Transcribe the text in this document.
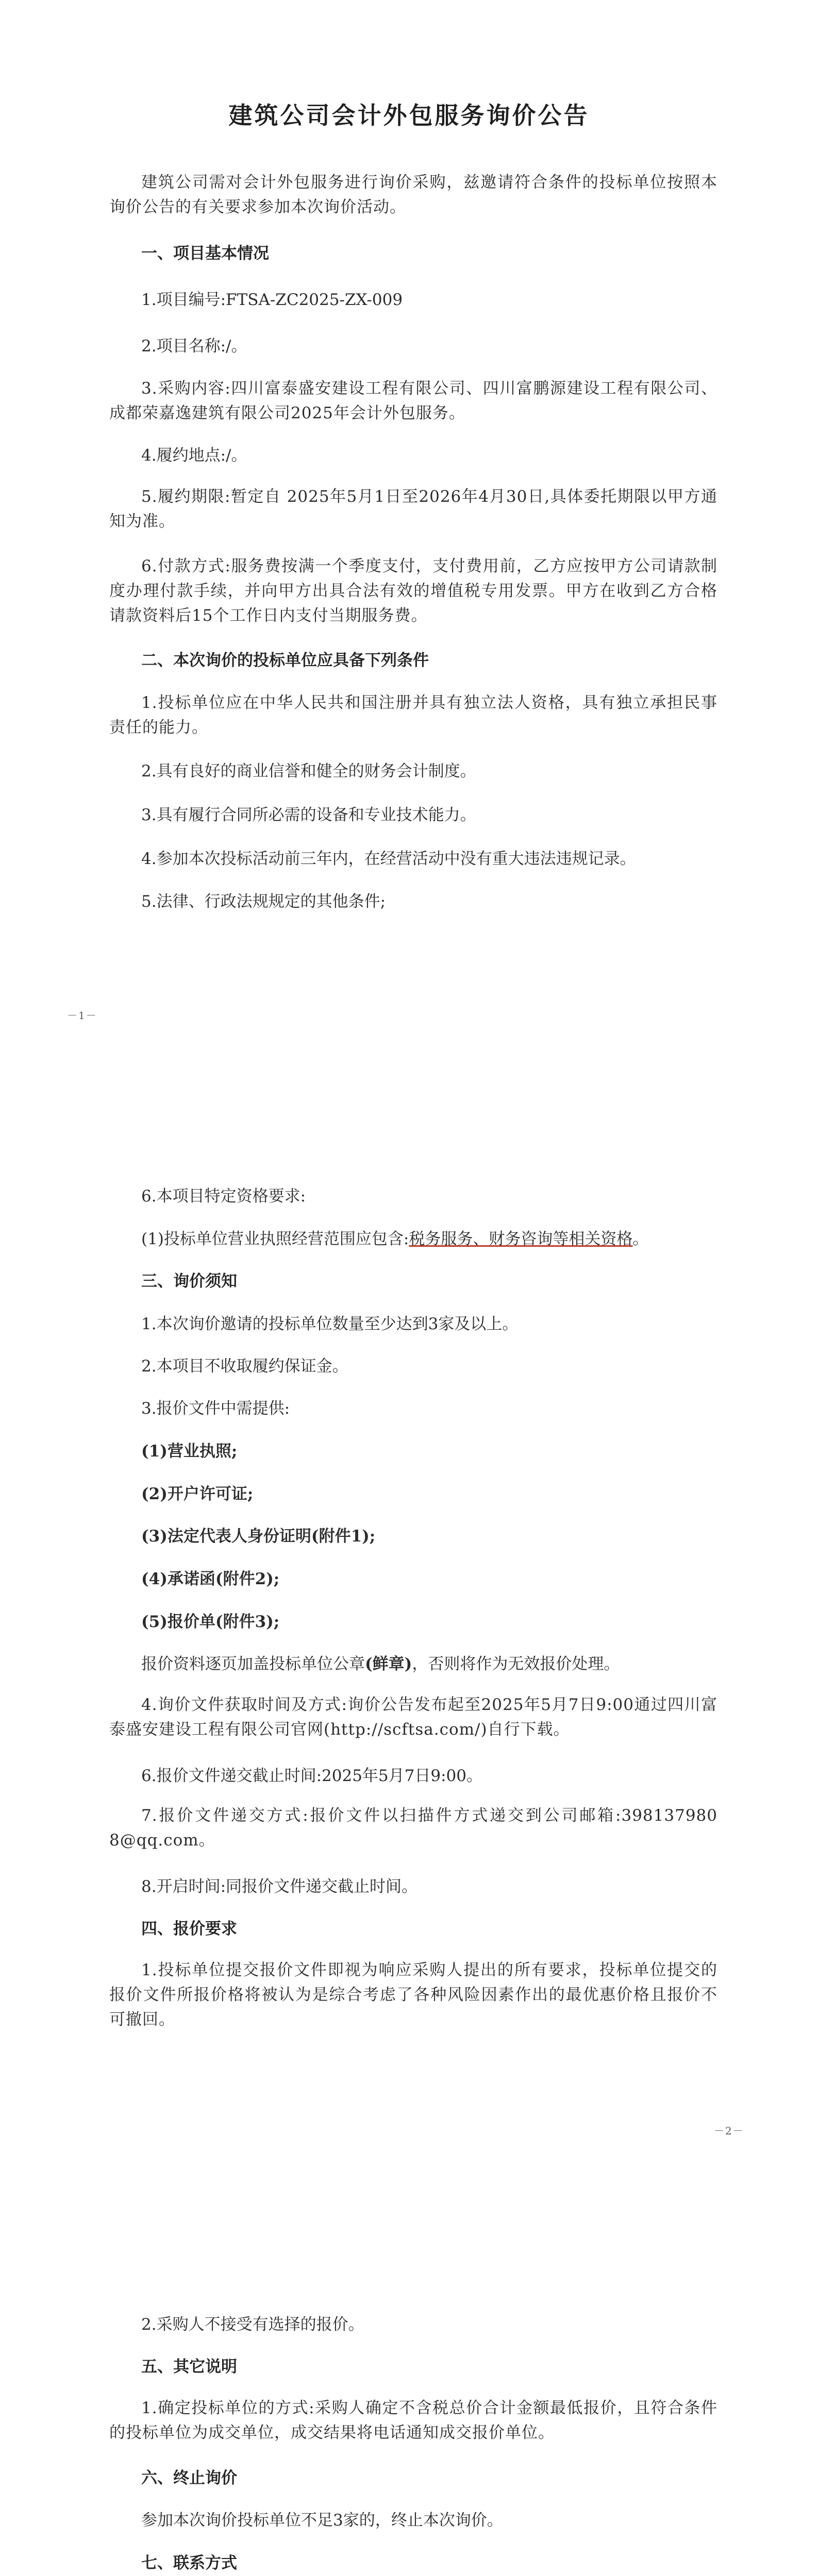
建筑公司会计外包服务询价公告
建筑公司需对会计外包服务进行询价采购，兹邀请符合条件的投标单位按照本询价公告的有关要求参加本次询价活动。
一、项目基本情况
1.项目编号:FTSA-ZC2025-ZX-009
2.项目名称:/。
3.采购内容:四川富泰盛安建设工程有限公司、四川富鹏源建设工程有限公司、成都荣嘉逸建筑有限公司2025年会计外包服务。
4.履约地点:/。
5.履约期限:暂定自 2025年5月1日至2026年4月30日,具体委托期限以甲方通知为准。
6.付款方式:服务费按满一个季度支付，支付费用前，乙方应按甲方公司请款制度办理付款手续，并向甲方出具合法有效的增值税专用发票。甲方在收到乙方合格请款资料后15个工作日内支付当期服务费。
二、本次询价的投标单位应具备下列条件
1.投标单位应在中华人民共和国注册并具有独立法人资格，具有独立承担民事责任的能力。
2.具有良好的商业信誉和健全的财务会计制度。
3.具有履行合同所必需的设备和专业技术能力。
4.参加本次投标活动前三年内，在经营活动中没有重大违法违规记录。
5.法律、行政法规规定的其他条件;
－1－
6.本项目特定资格要求:
(1)投标单位营业执照经营范围应包含:税务服务、财务咨询等相关资格。
三、询价须知
1.本次询价邀请的投标单位数量至少达到3家及以上。
2.本项目不收取履约保证金。
3.报价文件中需提供:
(1)营业执照;
(2)开户许可证;
(3)法定代表人身份证明(附件1);
(4)承诺函(附件2);
(5)报价单(附件3);
报价资料逐页加盖投标单位公章(鲜章)，否则将作为无效报价处理。
4.询价文件获取时间及方式:询价公告发布起至2025年5月7日9:00通过四川富泰盛安建设工程有限公司官网(http://scftsa.com/)自行下载。
6.报价文件递交截止时间:2025年5月7日9:00。
7.报价文件递交方式:报价文件以扫描件方式递交到公司邮箱:398137980 8@qq.com。
8.开启时间:同报价文件递交截止时间。
四、报价要求
1.投标单位提交报价文件即视为响应采购人提出的所有要求，投标单位提交的报价文件所报价格将被认为是综合考虑了各种风险因素作出的最优惠价格且报价不可撤回。
－2－
2.采购人不接受有选择的报价。
五、其它说明
1.确定投标单位的方式:采购人确定不含税总价合计金额最低报价，且符合条件的投标单位为成交单位，成交结果将电话通知成交报价单位。
六、终止询价
参加本次询价投标单位不足3家的，终止本次询价。
七、联系方式
